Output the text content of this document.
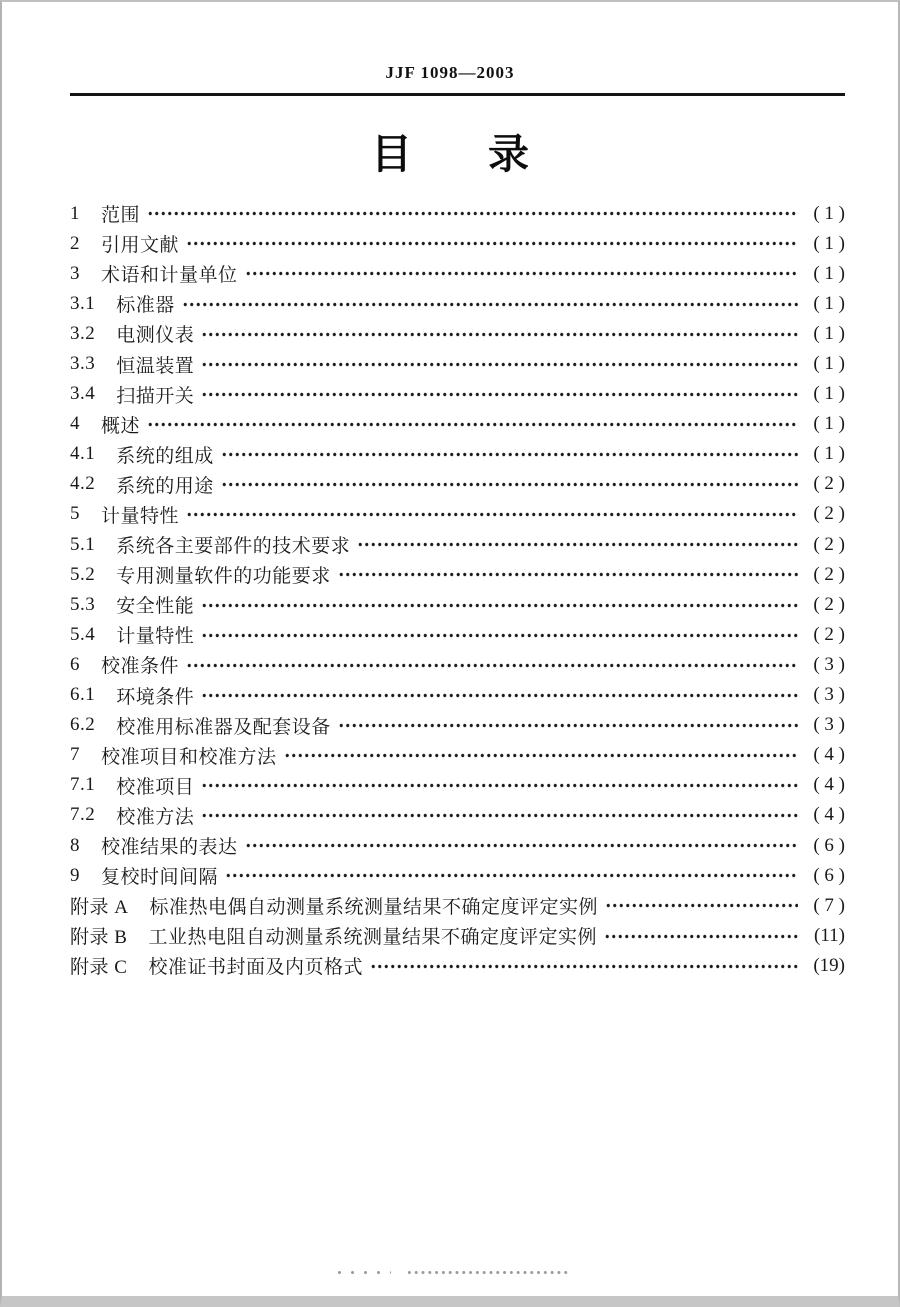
JJF 1098—2003
目 录
1 范围	( 1 )
2 引用文献	( 1 )
3 术语和计量单位	( 1 )
3.1 标准器	( 1 )
3.2 电测仪表	( 1 )
3.3 恒温装置	( 1 )
3.4 扫描开关	( 1 )
4 概述	( 1 )
4.1 系统的组成	( 1 )
4.2 系统的用途	( 2 )
5 计量特性	( 2 )
5.1 系统各主要部件的技术要求	( 2 )
5.2 专用测量软件的功能要求	( 2 )
5.3 安全性能	( 2 )
5.4 计量特性	( 2 )
6 校准条件	( 3 )
6.1 环境条件	( 3 )
6.2 校准用标准器及配套设备	( 3 )
7 校准项目和校准方法	( 4 )
7.1 校准项目	( 4 )
7.2 校准方法	( 4 )
8 校准结果的表达	( 6 )
9 复校时间间隔	( 6 )
附录 A 标准热电偶自动测量系统测量结果不确定度评定实例	( 7 )
附录 B 工业热电阻自动测量系统测量结果不确定度评定实例	(11)
附录 C 校准证书封面及内页格式	(19)
